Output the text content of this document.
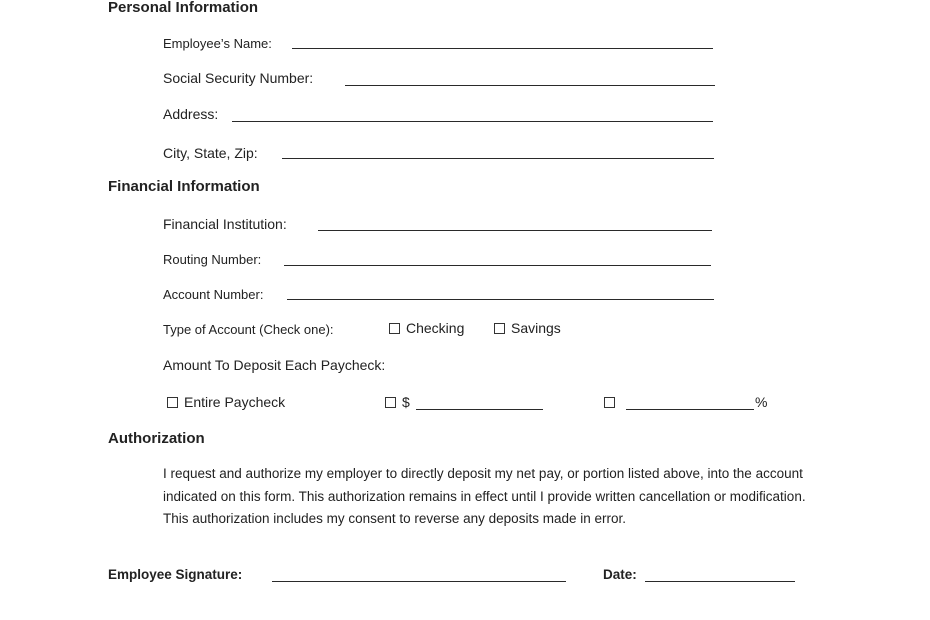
Personal Information
Employee’s Name:
Social Security Number:
Address:
City, State, Zip:
Financial Information
Financial Institution:
Routing Number:
Account Number:
Type of Account (Check one):	Checking	Savings
Amount To Deposit Each Paycheck:
Entire Paycheck	$	%
Authorization
I request and authorize my employer to directly deposit my net pay, or portion listed above, into the account indicated on this form. This authorization remains in effect until I provide written cancellation or modification. This authorization includes my consent to reverse any deposits made in error.
Employee Signature:	Date:
